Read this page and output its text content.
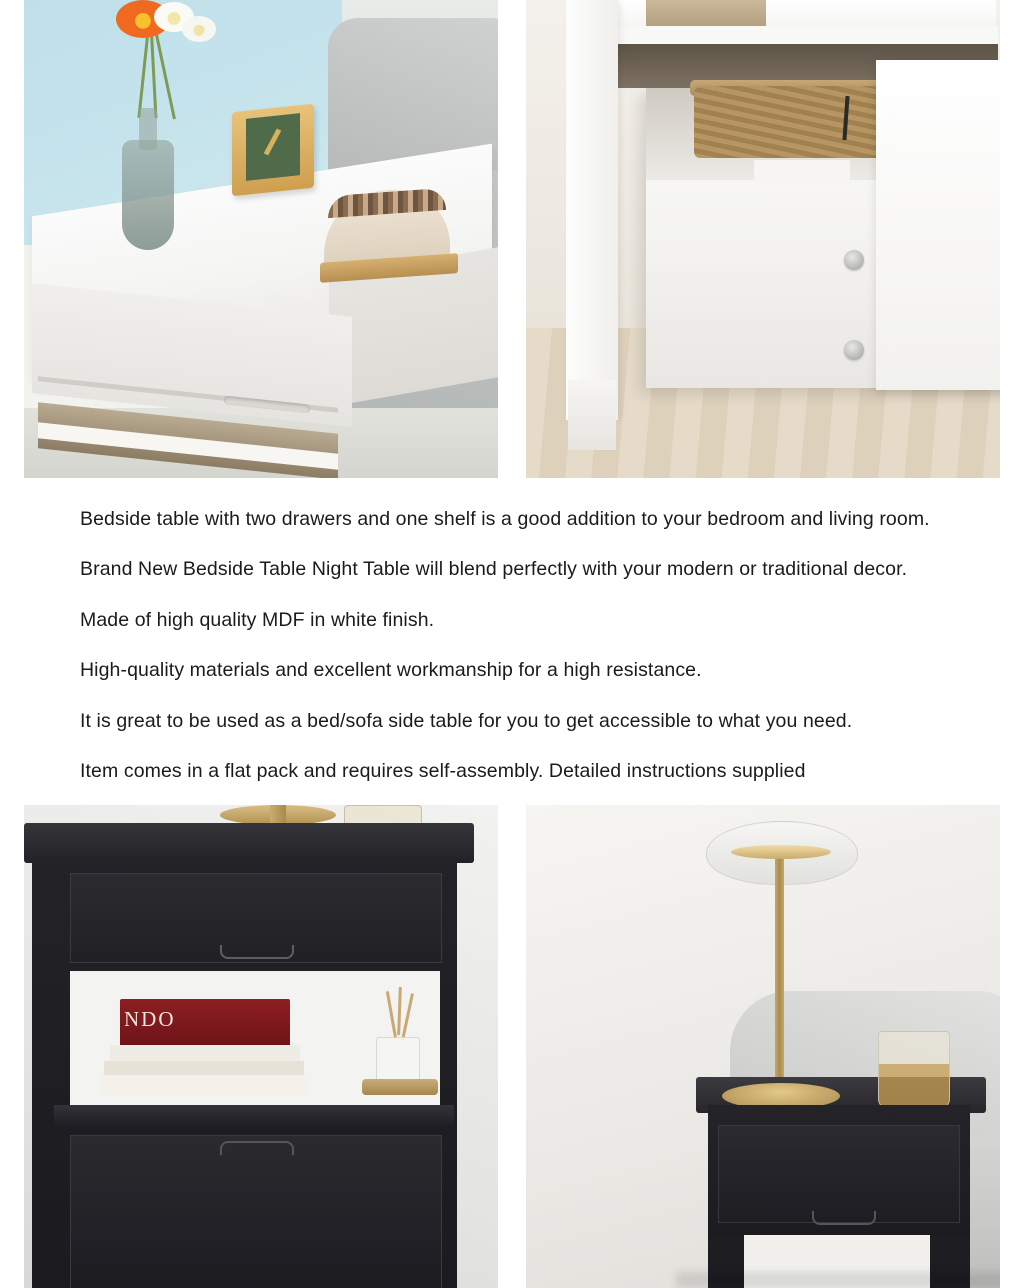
Bedside table with two drawers and one shelf is a good addition to your bedroom and living room.

Brand New Bedside Table Night Table will blend perfectly with your modern or traditional decor.

Made of high quality MDF in white finish.

High-quality materials and excellent workmanship for a high resistance.

It is great to be used as a bed/sofa side table for you to get accessible to what you need.

Item comes in a flat pack and requires self-assembly. Detailed instructions supplied

NDO
